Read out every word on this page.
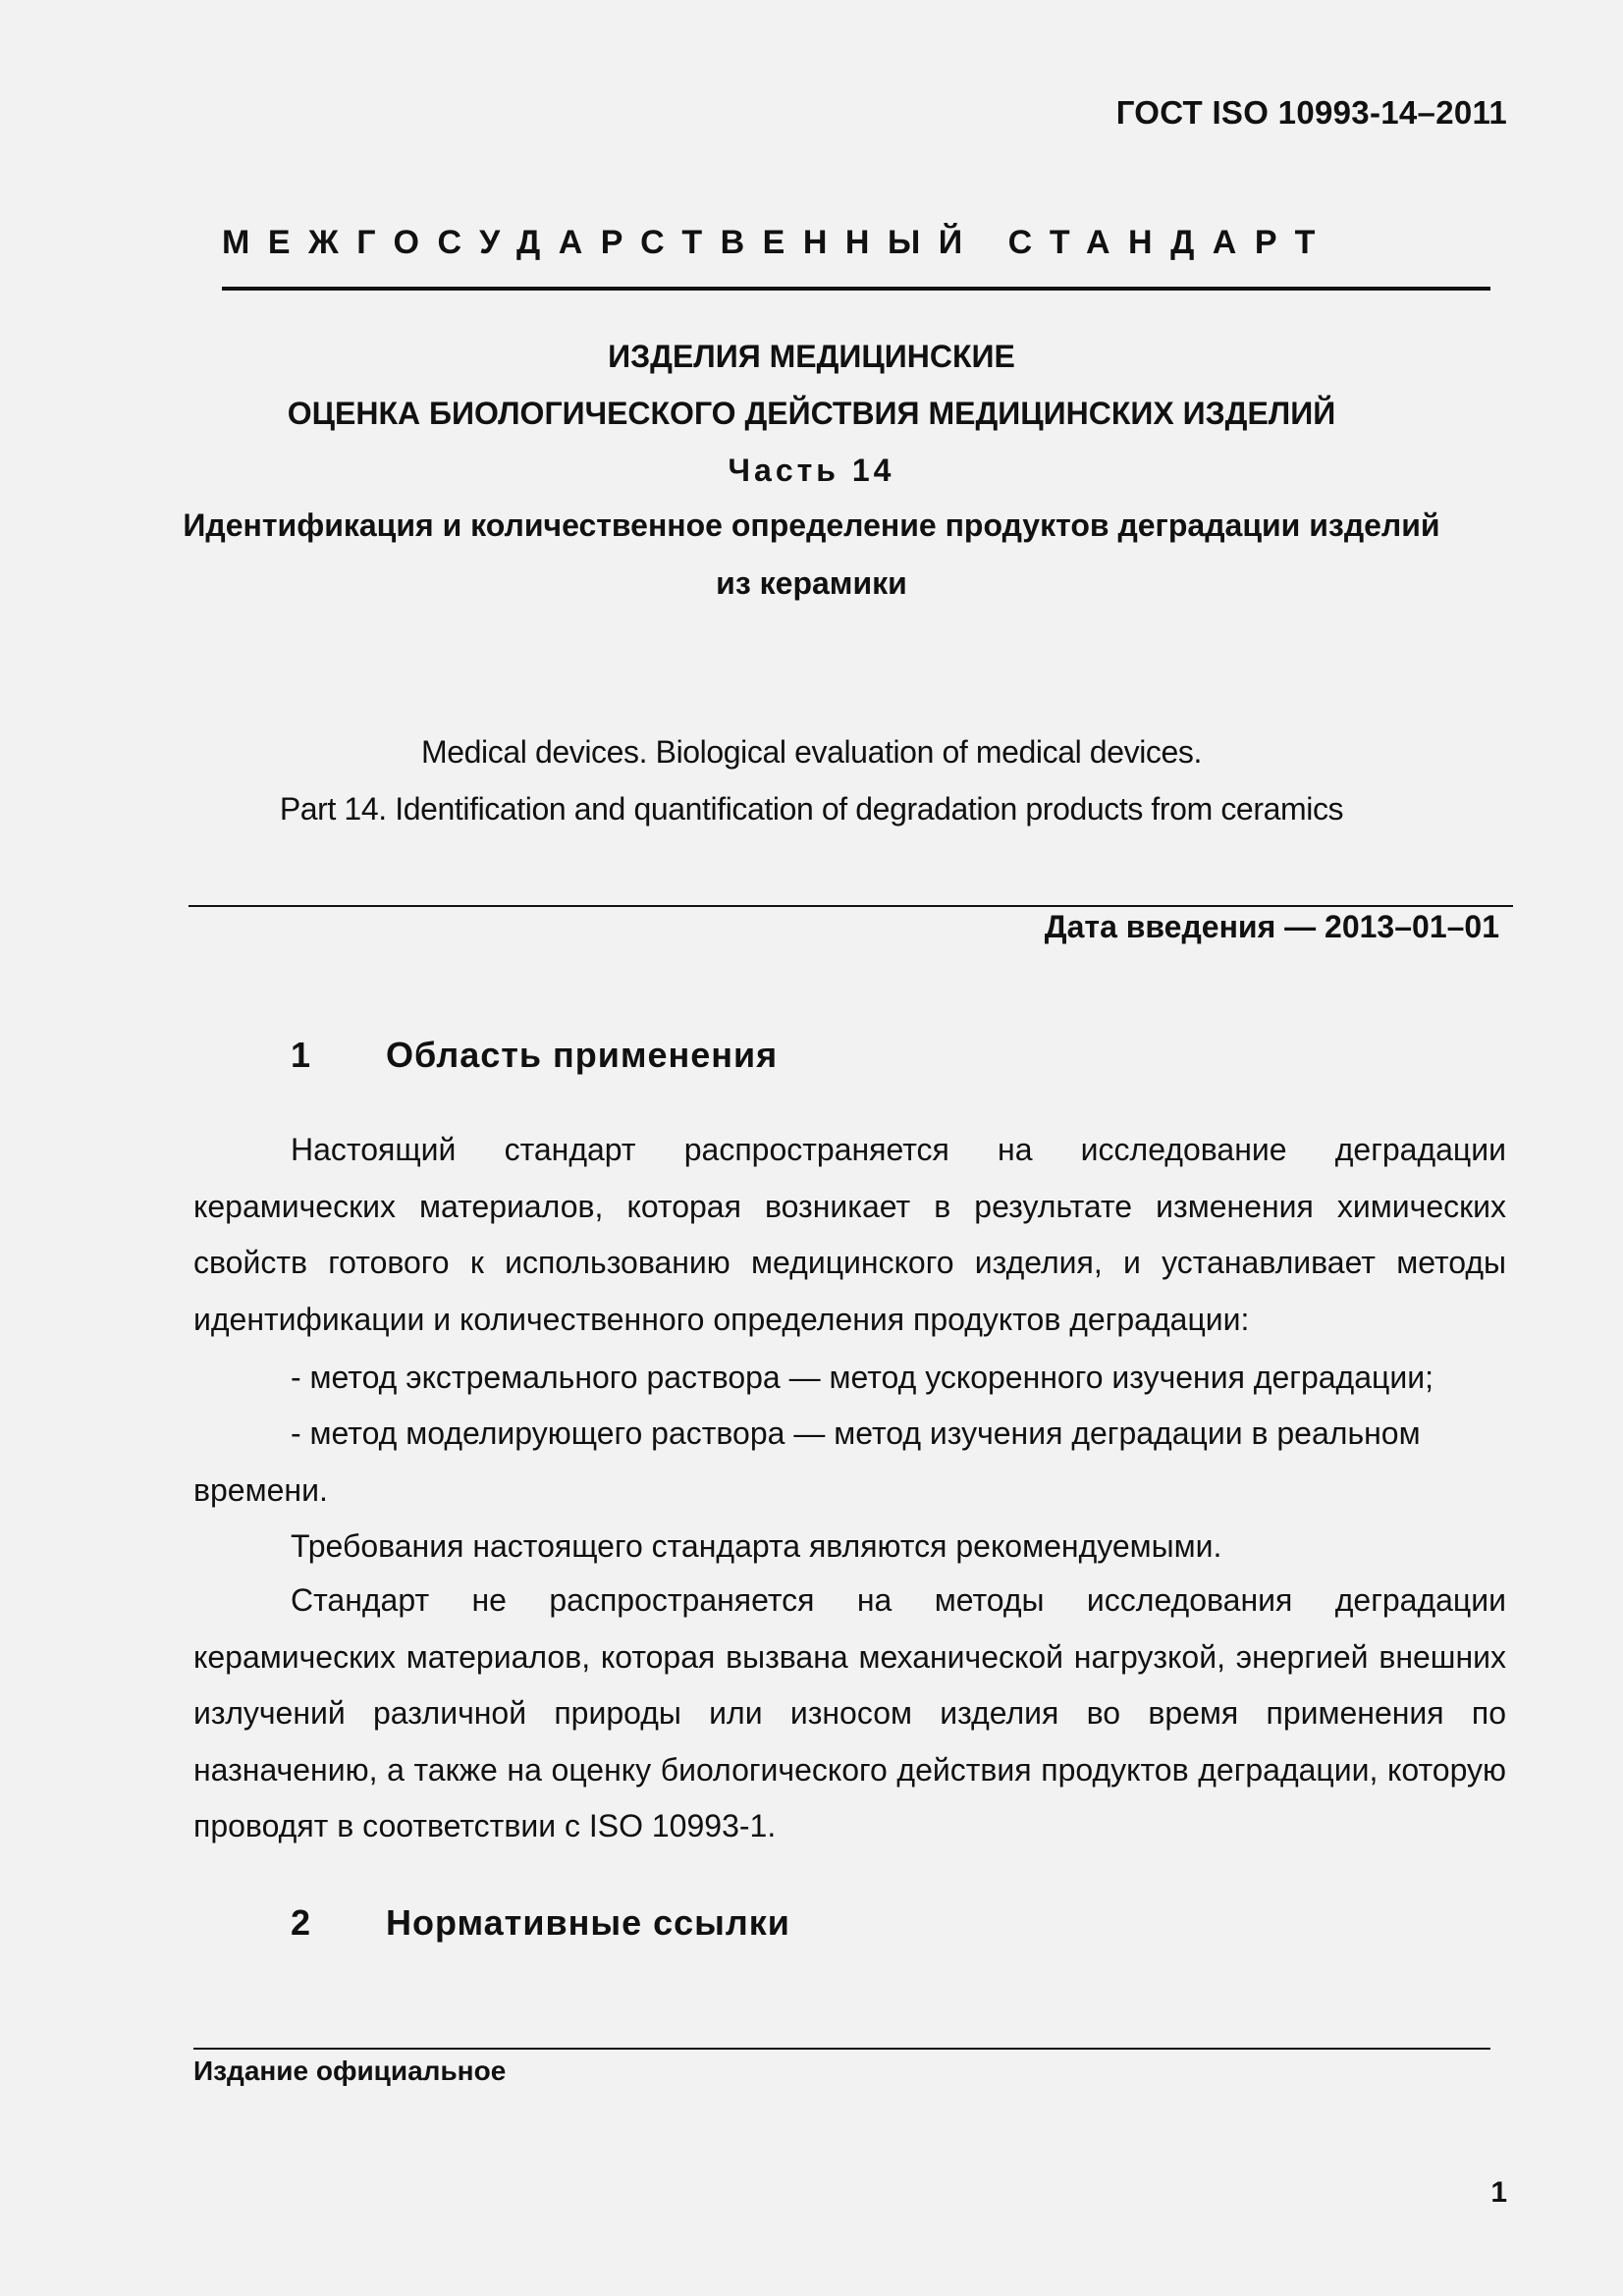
ГОСТ ISO 10993-14–2011
МЕЖГОСУДАРСТВЕННЫЙ СТАНДАРТ
ИЗДЕЛИЯ МЕДИЦИНСКИЕ
ОЦЕНКА БИОЛОГИЧЕСКОГО ДЕЙСТВИЯ МЕДИЦИНСКИХ ИЗДЕЛИЙ
Часть 14
Идентификация и количественное определение продуктов деградации изделий
из керамики
Medical devices. Biological evaluation of medical devices.
Part 14. Identification and quantification of degradation products from ceramics
Дата введения — 2013–01–01
1 Область применения
Настоящий стандарт распространяется на исследование деградации керамических материалов, которая возникает в результате изменения химических свойств готового к использованию медицинского изделия, и устанавливает методы идентификации и количественного определения продуктов деградации:
- метод экстремального раствора — метод ускоренного изучения деградации;
- метод моделирующего раствора — метод изучения деградации в реальном
времени.
Требования настоящего стандарта являются рекомендуемыми.
Стандарт не распространяется на методы исследования деградации керамических материалов, которая вызвана механической нагрузкой, энергией внешних излучений различной природы или износом изделия во время применения по назначению, а также на оценку биологического действия продуктов деградации, которую проводят в соответствии с ISO 10993-1.
2 Нормативные ссылки
Издание официальное
1
